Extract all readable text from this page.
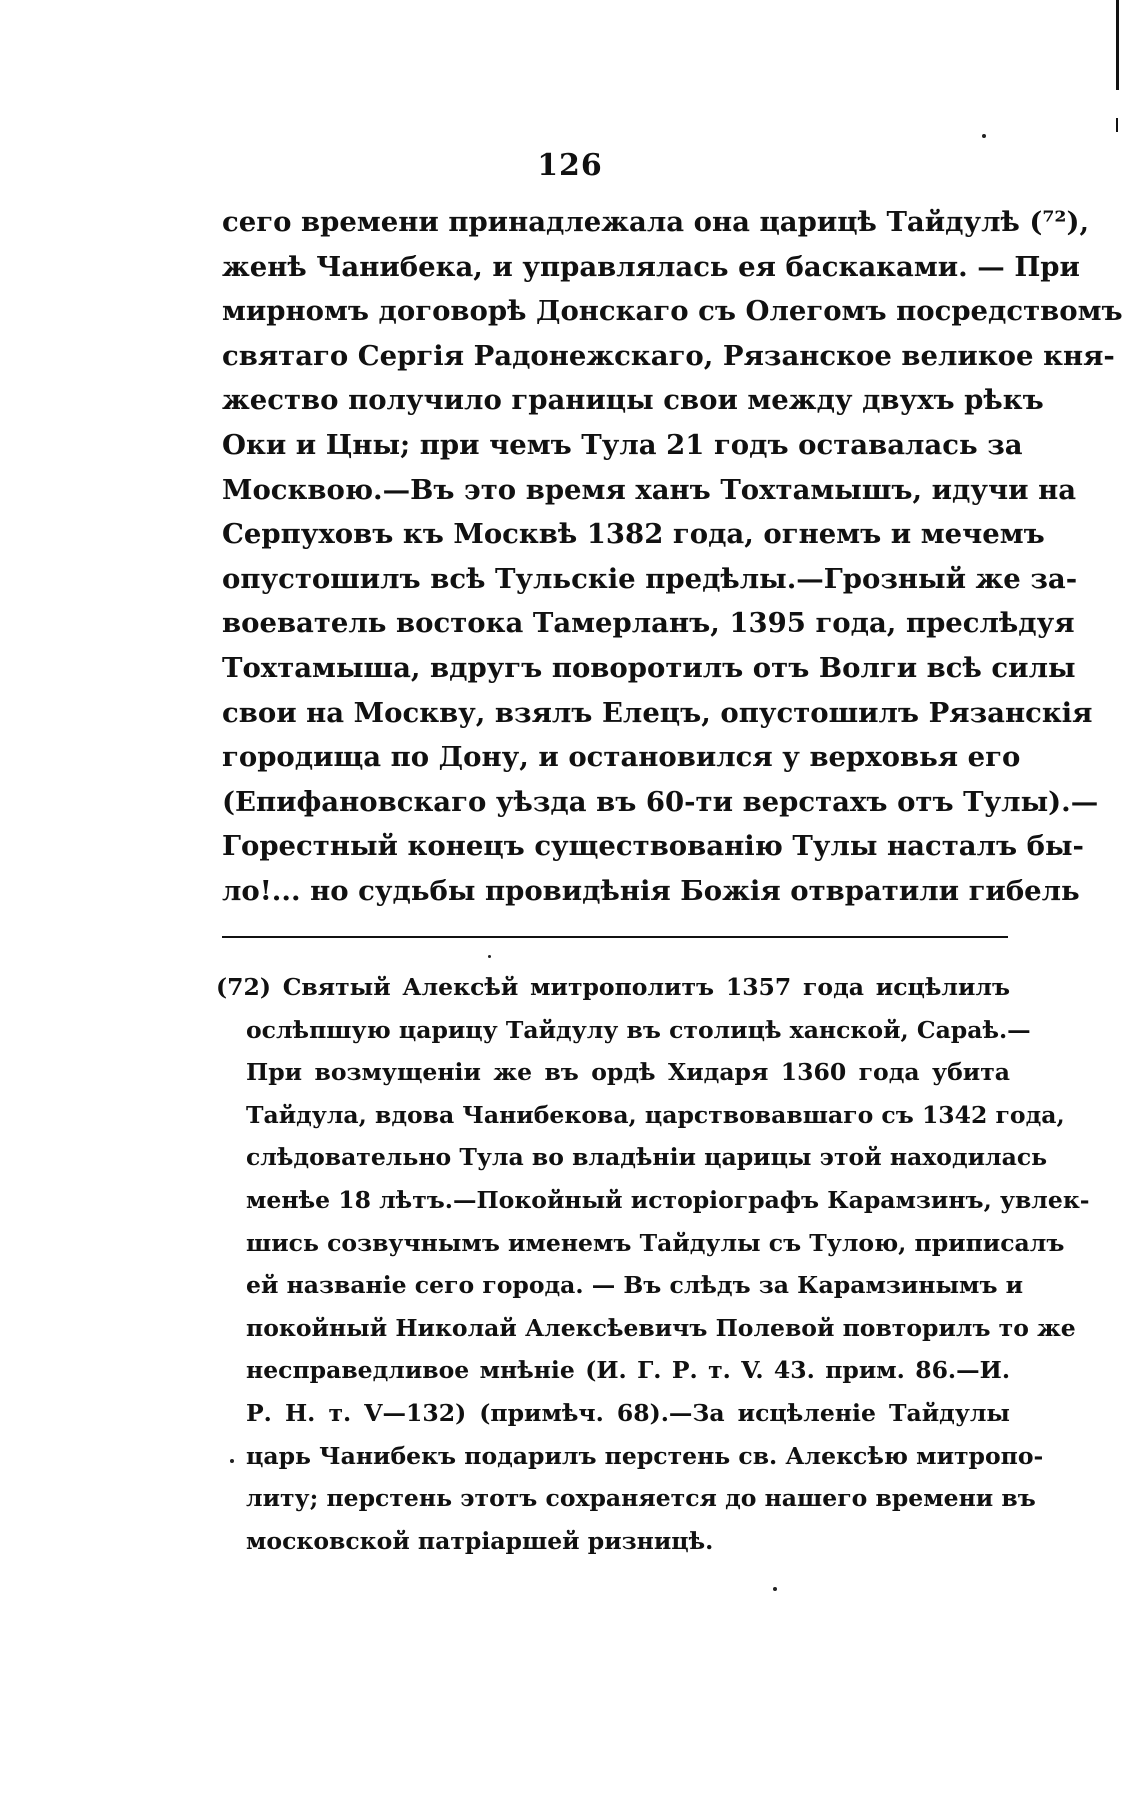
126
сего времени принадлежала она царицѣ Тайдулѣ (⁷²),
женѣ Чанибека, и управлялась ея баскаками. — При
мирномъ договорѣ Донскаго съ Олегомъ посредствомъ
святаго Сергія Радонежскаго, Рязанское великое кня-
жество получило границы свои между двухъ рѣкъ
Оки и Цны; при чемъ Тула 21 годъ оставалась за
Москвою.—Въ это время ханъ Тохтамышъ, идучи на
Серпуховъ къ Москвѣ 1382 года, огнемъ и мечемъ
опустошилъ всѣ Тульскіе предѣлы.—Грозный же за-
воеватель востока Тамерланъ, 1395 года, преслѣдуя
Тохтамыша, вдругъ поворотилъ отъ Волги всѣ силы
свои на Москву, взялъ Елецъ, опустошилъ Рязанскія
городища по Дону, и остановился у верховья его
(Епифановскаго уѣзда въ 60-ти верстахъ отъ Тулы).—
Горестный конецъ существованію Тулы насталъ бы-
ло!... но судьбы провидѣнія Божія отвратили гибель
(72) Святый Алексѣй митрополитъ 1357 года исцѣлилъ
ослѣпшую царицу Тайдулу въ столицѣ ханской, Сараѣ.—
При возмущеніи же въ ордѣ Хидаря 1360 года убита
Тайдула, вдова Чанибекова, царствовавшаго съ 1342 года,
слѣдовательно Тула во владѣніи царицы этой находилась
менѣе 18 лѣтъ.—Покойный исторіографъ Карамзинъ, увлек-
шись созвучнымъ именемъ Тайдулы съ Тулою, приписалъ
ей названіе сего города. — Въ слѣдъ за Карамзинымъ и
покойный Николай Алексѣевичъ Полевой повторилъ то же
несправедливое мнѣніе (И. Г. Р. т. V. 43. прим. 86.—И.
Р. Н. т. V—132) (примѣч. 68).—За исцѣленіе Тайдулы
царь Чанибекъ подарилъ перстень св. Алексѣю митропо-
литу; перстень этотъ сохраняется до нашего времени въ
московской патріаршей ризницѣ.
